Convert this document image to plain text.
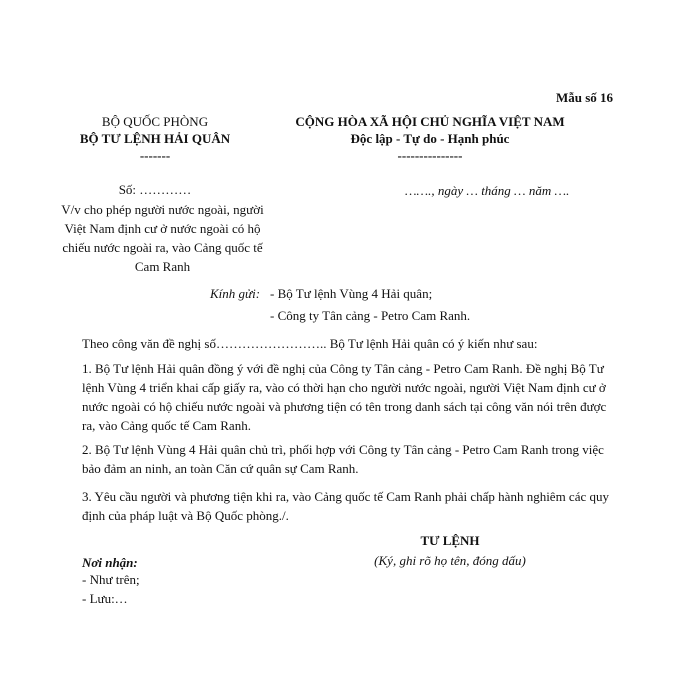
Mẫu số 16
BỘ QUỐC PHÒNG
BỘ TƯ LỆNH HẢI QUÂN
-------
CỘNG HÒA XÃ HỘI CHỦ NGHĨA VIỆT NAM
Độc lập - Tự do - Hạnh phúc
---------------
Số: …………
V/v cho phép người nước ngoài, người Việt Nam định cư ở nước ngoài có hộ chiếu nước ngoài ra, vào Cảng quốc tế Cam Ranh
……., ngày … tháng … năm ….
Kính gửi: - Bộ Tư lệnh Vùng 4 Hải quân;
- Công ty Tân cảng - Petro Cam Ranh.
Theo công văn đề nghị số…………………….. Bộ Tư lệnh Hải quân có ý kiến như sau:
1. Bộ Tư lệnh Hải quân đồng ý với đề nghị của Công ty Tân cảng - Petro Cam Ranh. Đề nghị Bộ Tư lệnh Vùng 4 triển khai cấp giấy ra, vào có thời hạn cho người nước ngoài, người Việt Nam định cư ở nước ngoài có hộ chiếu nước ngoài và phương tiện có tên trong danh sách tại công văn nói trên được ra, vào Cảng quốc tế Cam Ranh.
2. Bộ Tư lệnh Vùng 4 Hải quân chủ trì, phối hợp với Công ty Tân cảng - Petro Cam Ranh trong việc bảo đảm an ninh, an toàn Căn cứ quân sự Cam Ranh.
3. Yêu cầu người và phương tiện khi ra, vào Cảng quốc tế Cam Ranh phải chấp hành nghiêm các quy định của pháp luật và Bộ Quốc phòng./.
TƯ LỆNH
(Ký, ghi rõ họ tên, đóng dấu)
Nơi nhận:
- Như trên;
- Lưu:…
